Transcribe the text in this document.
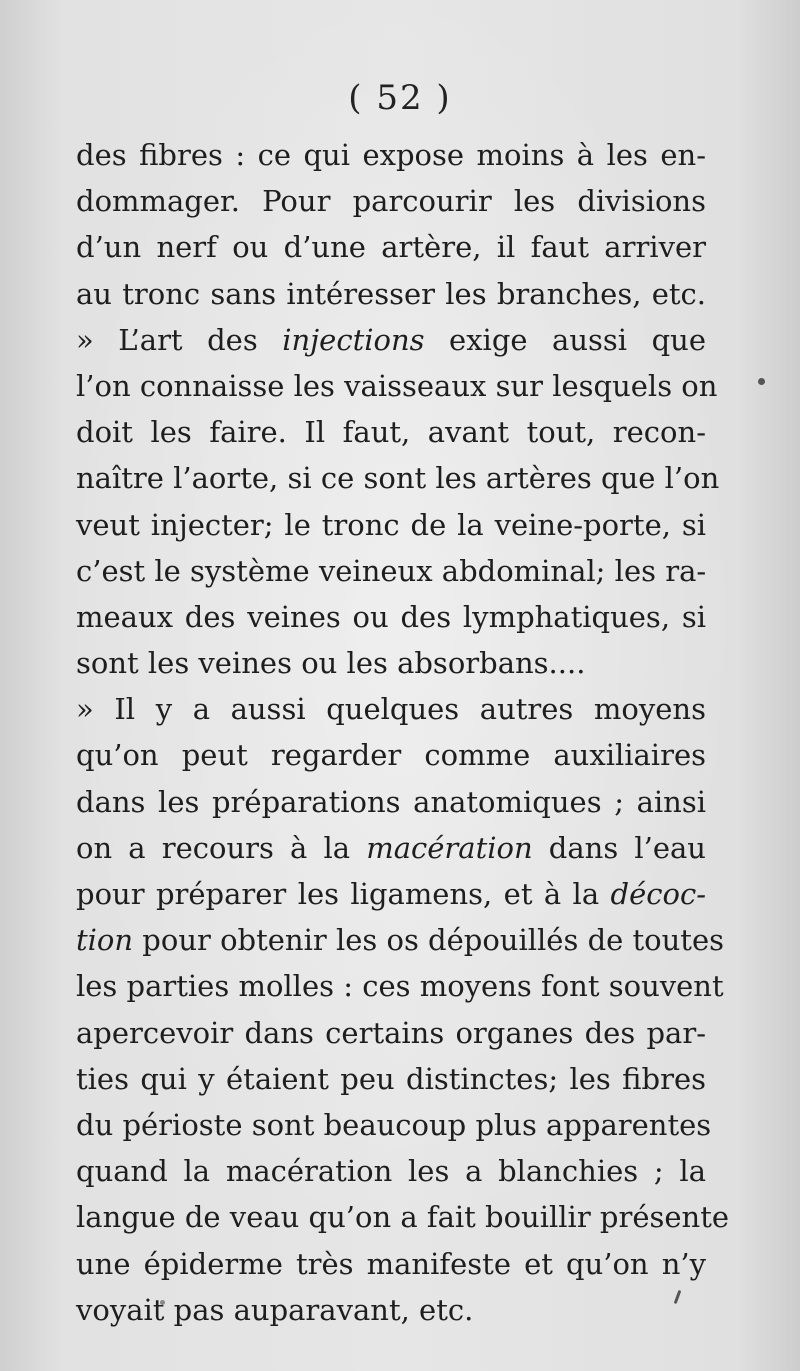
( 52 )
des fibres : ce qui expose moins à les en-
dommager. Pour parcourir les divisions
d’un nerf ou d’une artère, il faut arriver
au tronc sans intéresser les branches, etc.
» L’art des injections exige aussi que
l’on connaisse les vaisseaux sur lesquels on
doit les faire. Il faut, avant tout, recon-
naître l’aorte, si ce sont les artères que l’on
veut injecter; le tronc de la veine-porte, si
c’est le système veineux abdominal; les ra-
meaux des veines ou des lymphatiques, si
sont les veines ou les absorbans....
» Il y a aussi quelques autres moyens
qu’on peut regarder comme auxiliaires
dans les préparations anatomiques ; ainsi
on a recours à la macération dans l’eau
pour préparer les ligamens, et à la décoc-
tion pour obtenir les os dépouillés de toutes
les parties molles : ces moyens font souvent
apercevoir dans certains organes des par-
ties qui y étaient peu distinctes; les fibres
du périoste sont beaucoup plus apparentes
quand la macération les a blanchies ; la
langue de veau qu’on a fait bouillir présente
une épiderme très manifeste et qu’on n’y
voyait pas auparavant, etc.
